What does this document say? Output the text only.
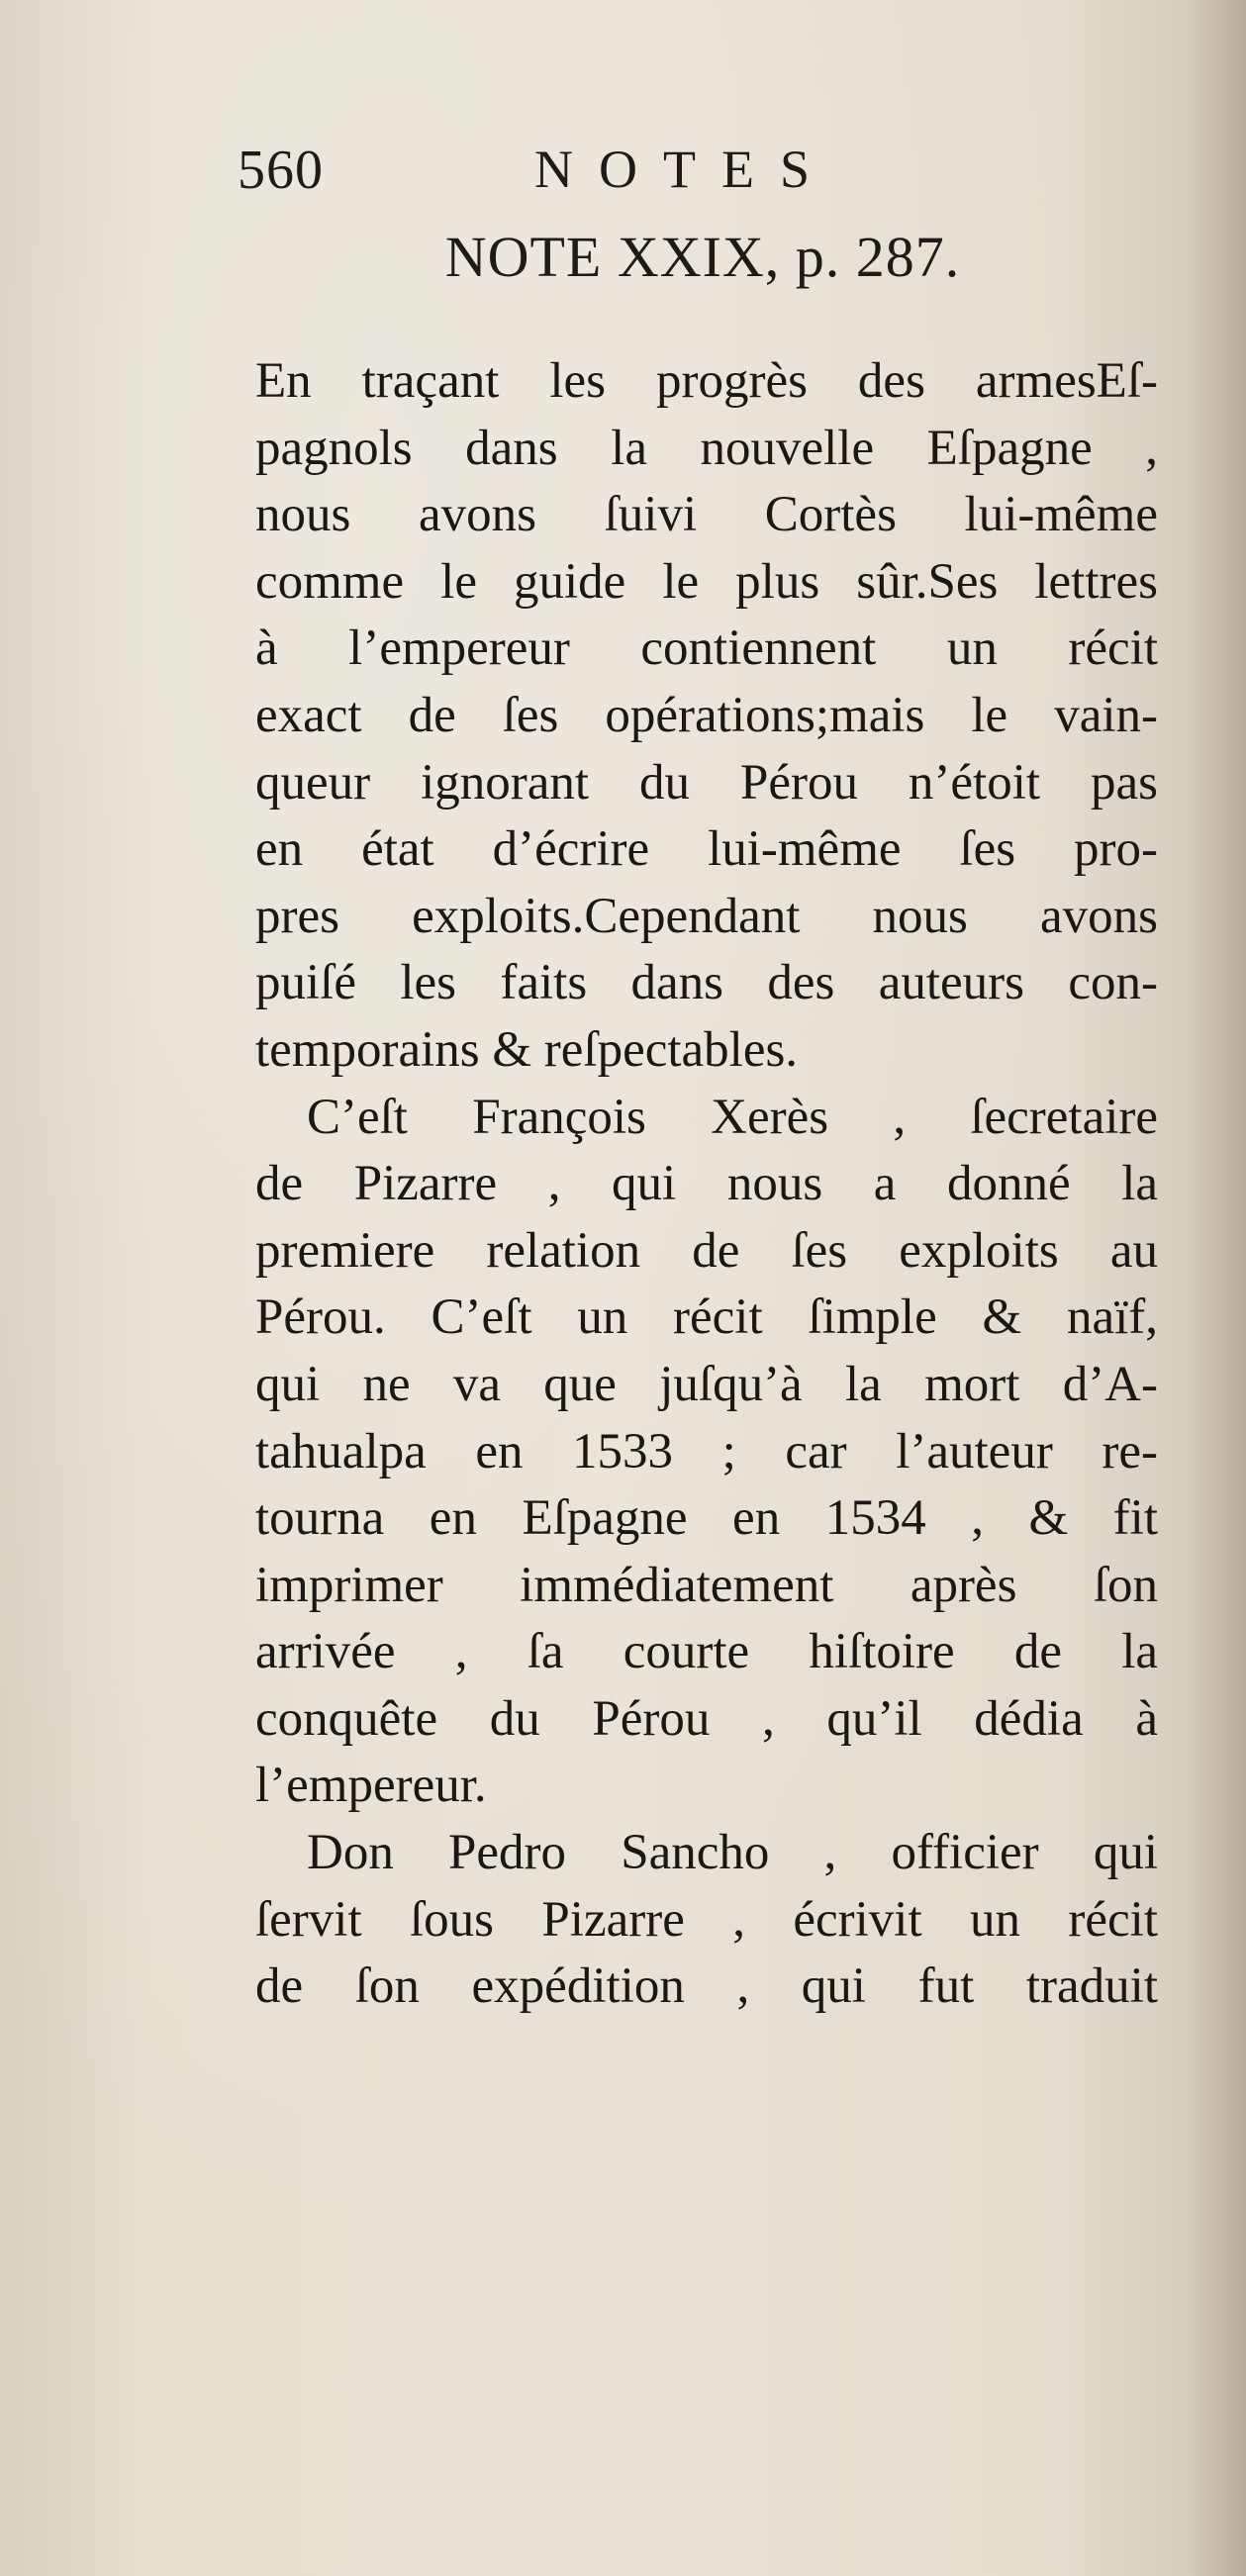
560	NOTES
NOTE XXIX, p. 287.
En traçant les progrès des armesEſ-
pagnols dans la nouvelle Eſpagne ,
nous avons ſuivi Cortès lui-même
comme le guide le plus sûr.Ses lettres
à l’empereur contiennent un récit
exact de ſes opérations;mais le vain-
queur ignorant du Pérou n’étoit pas
en état d’écrire lui-même ſes pro-
pres exploits.Cependant nous avons
puiſé les faits dans des auteurs con-
temporains & reſpectables.
C’eſt François Xerès , ſecretaire
de Pizarre , qui nous a donné la
premiere relation de ſes exploits au
Pérou. C’eſt un récit ſimple & naïf,
qui ne va que juſqu’à la mort d’A-
tahualpa en 1533 ; car l’auteur re-
tourna en Eſpagne en 1534 , & fit
imprimer immédiatement après ſon
arrivée , ſa courte hiſtoire de la
conquête du Pérou , qu’il dédia à
l’empereur.
Don Pedro Sancho , officier qui
ſervit ſous Pizarre , écrivit un récit
de ſon expédition , qui fut traduit
